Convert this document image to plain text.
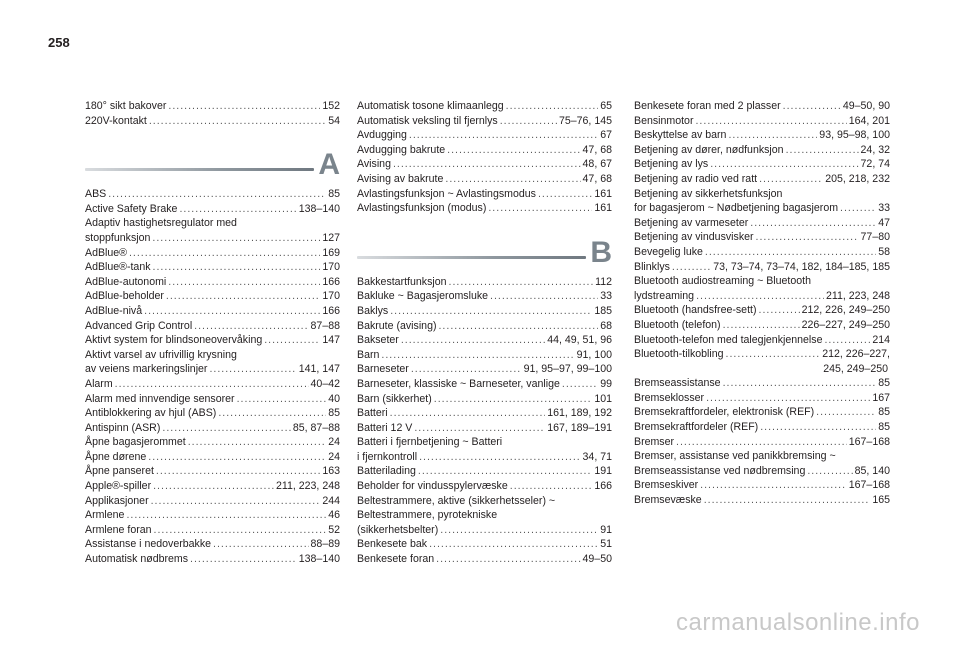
258
180° sikt bakover .....	152
220V-kontakt .....	54
A
ABS .....	85
Active Safety Brake .....	138–140
Adaptiv hastighetsregulator med
stoppfunksjon .....	127
AdBlue® .....	169
AdBlue®-tank .....	170
AdBlue-autonomi .....	166
AdBlue-beholder .....	170
AdBlue-nivå .....	166
Advanced Grip Control .....	87–88
Aktivt system for blindsoneovervåking .....	147
Aktivt varsel av ufrivillig krysning
av veiens markeringslinjer .....	141, 147
Alarm .....	40–42
Alarm med innvendige sensorer .....	40
Antiblokkering av hjul (ABS) .....	85
Antispinn (ASR) .....	85, 87–88
Åpne bagasjerommet .....	24
Åpne dørene .....	24
Åpne panseret .....	163
Apple®-spiller .....	211, 223, 248
Applikasjoner .....	244
Armlene .....	46
Armlene foran .....	52
Assistanse i nedoverbakke .....	88–89
Automatisk nødbrems .....	138–140
Automatisk tosone klimaanlegg .....	65
Automatisk veksling til fjernlys .....	75–76, 145
Avdugging .....	67
Avdugging bakrute .....	47, 68
Avising .....	48, 67
Avising av bakrute .....	47, 68
Avlastingsfunksjon ~ Avlastingsmodus .....	161
Avlastingsfunksjon (modus) .....	161
B
Bakkestartfunksjon .....	112
Bakluke ~ Bagasjeromsluke .....	33
Baklys .....	185
Bakrute (avising) .....	68
Bakseter .....	44, 49, 51, 96
Barn .....	91, 100
Barneseter .....	91, 95–97, 99–100
Barneseter, klassiske ~ Barneseter, vanlige .....	99
Barn (sikkerhet) .....	101
Batteri .....	161, 189, 192
Batteri 12 V .....	167, 189–191
Batteri i fjernbetjening ~ Batteri
i fjernkontroll .....	34, 71
Batterilading .....	191
Beholder for vindusspylervæske .....	166
Beltestrammere, aktive (sikkerhetsseler) ~
Beltestrammere, pyrotekniske
(sikkerhetsbelter) .....	91
Benkesete bak .....	51
Benkesete foran .....	49–50
Benkesete foran med 2 plasser .....	49–50, 90
Bensinmotor .....	164, 201
Beskyttelse av barn .....	93, 95–98, 100
Betjening av dører, nødfunksjon .....	24, 32
Betjening av lys .....	72, 74
Betjening av radio ved ratt .....	205, 218, 232
Betjening av sikkerhetsfunksjon
for bagasjerom ~ Nødbetjening bagasjerom .....	33
Betjening av varmeseter .....	47
Betjening av vindusvisker .....	77–80
Bevegelig luke .....	58
Blinklys .....	73, 73–74, 73–74, 182, 184–185, 185
Bluetooth audiostreaming ~ Bluetooth
lydstreaming .....	211, 223, 248
Bluetooth (handsfree-sett) .....	212, 226, 249–250
Bluetooth (telefon) .....	226–227, 249–250
Bluetooth-telefon med talegjenkjennelse .....	214
Bluetooth-tilkobling .....	212, 226–227,
245, 249–250
Bremseassistanse .....	85
Bremseklosser .....	167
Bremsekraftfordeler, elektronisk (REF) .....	85
Bremsekraftfordeler (REF) .....	85
Bremser .....	167–168
Bremser, assistanse ved panikkbremsing ~
Bremseassistanse ved nødbremsing .....	85, 140
Bremseskiver .....	167–168
Bremsevæske .....	165
carmanualsonline.info
